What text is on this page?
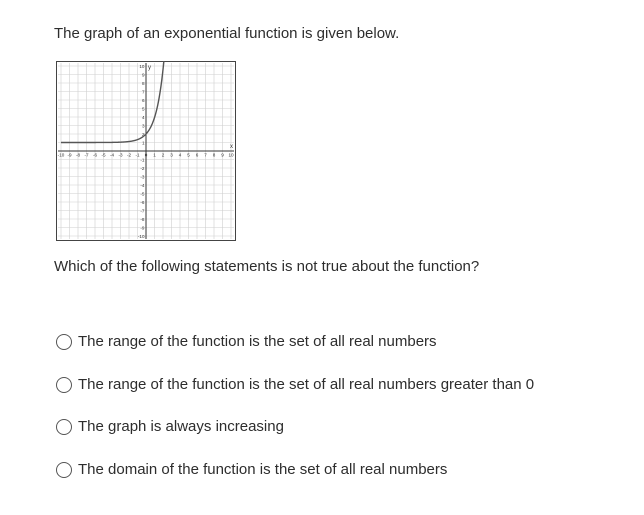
The graph of an exponential function is given below.

x
y
-10 -9 -8 -7 -6 -5 -4 -3 -2 -1 0 1 2 3 4 5 6 7 8 9 10
10
9
8
7
6
5
4
3
2
1
-1
-2
-3
-4
-5
-6
-7
-8
-9
-10

Which of the following statements is not true about the function?

The range of the function is the set of all real numbers
The range of the function is the set of all real numbers greater than 0
The graph is always increasing
The domain of the function is the set of all real numbers
